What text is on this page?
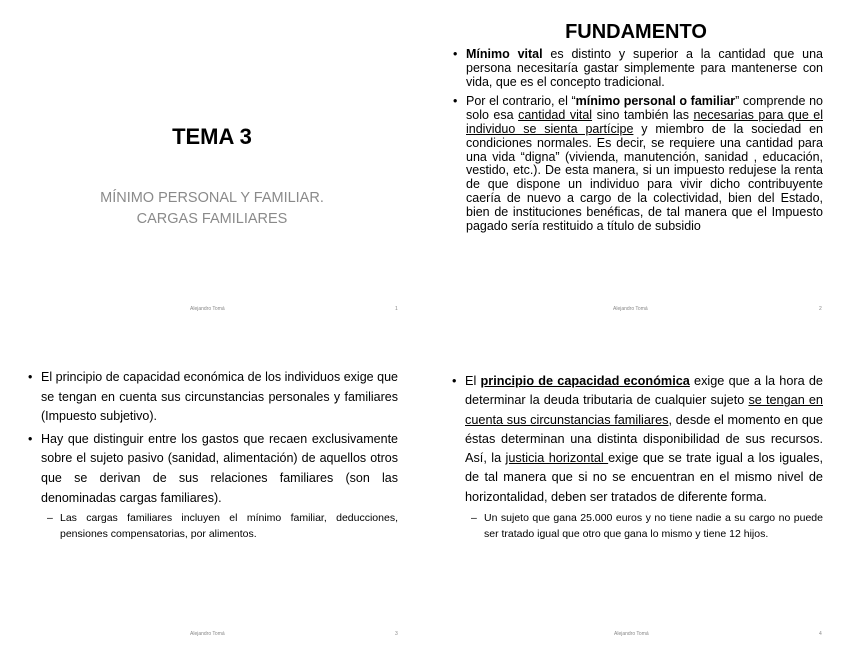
TEMA 3
MÍNIMO PERSONAL Y FAMILIAR.
CARGAS FAMILIARES
Alejandro Tomá	1
FUNDAMENTO
• Mínimo vital es distinto y superior a la cantidad que una persona necesitaría gastar simplemente para mantenerse con vida, que es el concepto tradicional.
• Por el contrario, el “mínimo personal o familiar” comprende no solo esa cantidad vital sino también las necesarias para que el individuo se sienta partícipe y miembro de la sociedad en condiciones normales. Es decir, se requiere una cantidad para una vida “digna” (vivienda, manutención, sanidad , educación, vestido, etc.). De esta manera, si un impuesto redujese la renta de que dispone un individuo para vivir dicho contribuyente caería de nuevo a cargo de la colectividad, bien del Estado, bien de instituciones benéficas, de tal manera que el Impuesto pagado sería restituido a título de subsidio
Alejandro Tomá	2
• El principio de capacidad económica de los individuos exige que se tengan en cuenta sus circunstancias personales y familiares (Impuesto subjetivo).
• Hay que distinguir entre los gastos que recaen exclusivamente sobre el sujeto pasivo (sanidad, alimentación) de aquellos otros que se derivan de sus relaciones familiares (son las denominadas cargas familiares).
– Las cargas familiares incluyen el mínimo familiar, deducciones, pensiones compensatorias, por alimentos.
Alejandro Tomá	3
• El principio de capacidad económica exige que a la hora de determinar la deuda tributaria de cualquier sujeto se tengan en cuenta sus circunstancias familiares, desde el momento en que éstas determinan una distinta disponibilidad de sus recursos. Así, la justicia horizontal exige que se trate igual a los iguales, de tal manera que si no se encuentran en el mismo nivel de horizontalidad, deben ser tratados de diferente forma.
– Un sujeto que gana 25.000 euros y no tiene nadie a su cargo no puede ser tratado igual que otro que gana lo mismo y tiene 12 hijos.
Alejandro Tomá	4
